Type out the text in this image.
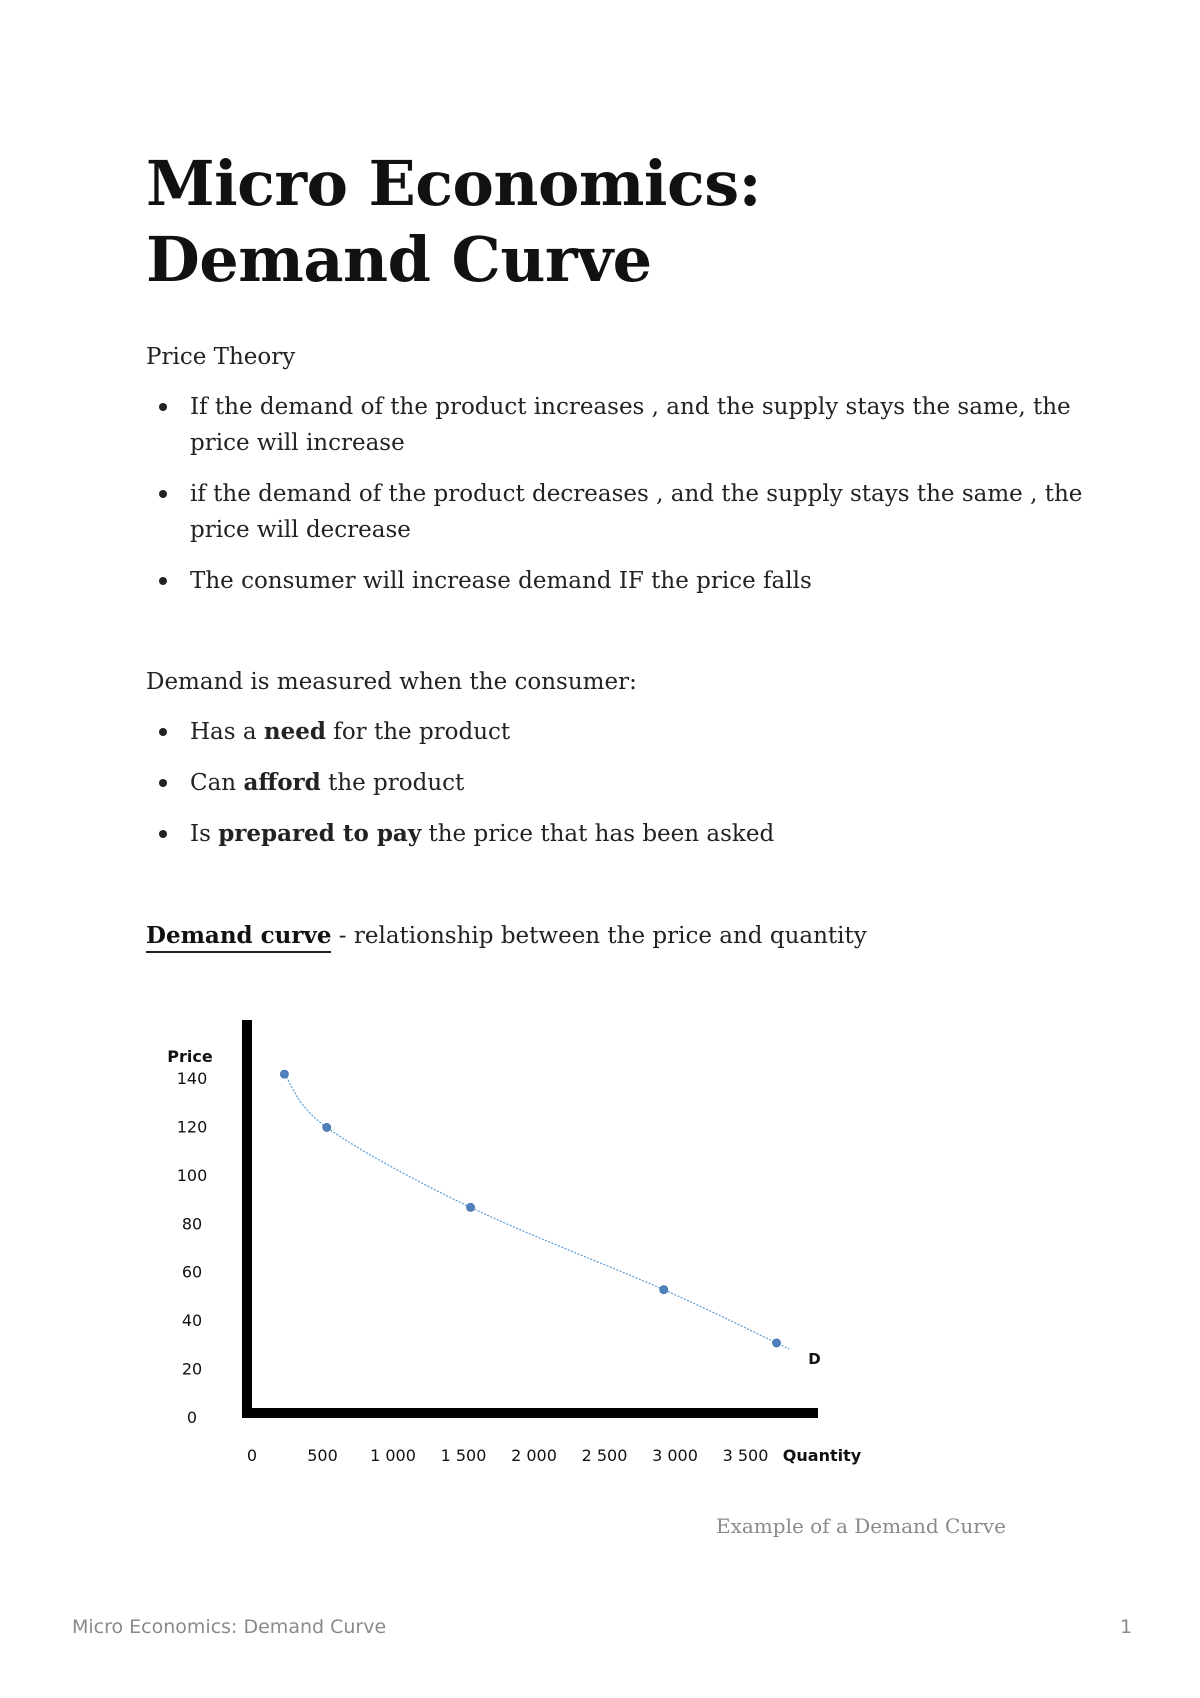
Micro Economics: Demand Curve

Price Theory

If the demand of the product increases , and the supply stays the same, the price will increase
if the demand of the product decreases , and the supply stays the same , the price will decrease
The consumer will increase demand IF the price falls

Demand is measured when the consumer:

Has a need for the product
Can afford the product
Is prepared to pay the price that has been asked

Demand curve - relationship between the price and quantity

0
20
40
60
80
100
120
140
0	500 1 000 1 500 2 000 2 500 3 000 3 500
Price
Quantity
D

Example of a Demand Curve

Micro Economics: Demand Curve	1
